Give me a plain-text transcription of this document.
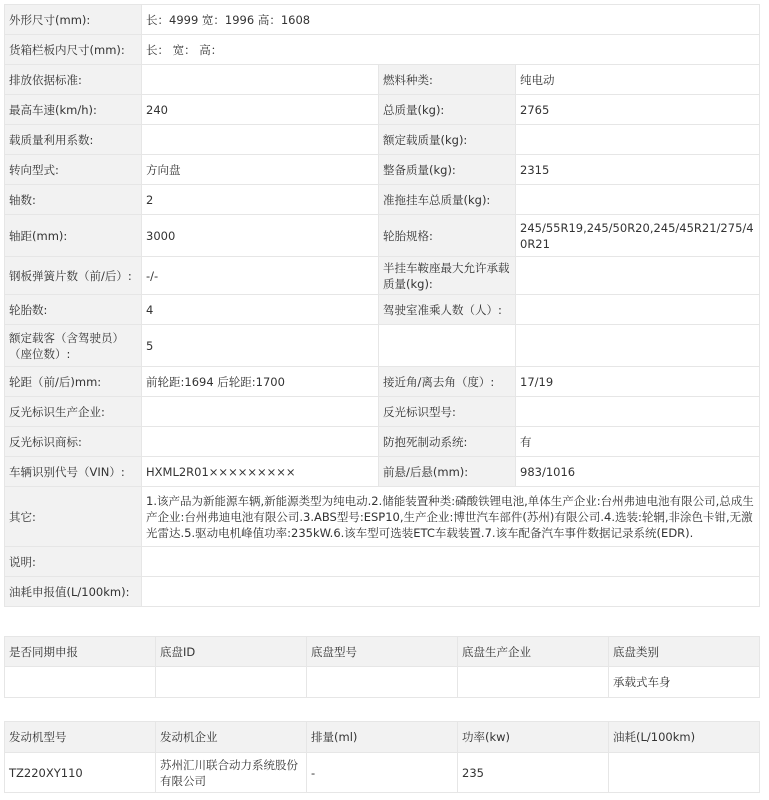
外形尺寸(mm):	长：4999 宽：1996 高：1608		
货箱栏板内尺寸(mm):	长： 宽： 高：		
排放依据标准:		燃料种类:	纯电动
最高车速(km/h):	240	总质量(kg):	2765
载质量利用系数:		额定载质量(kg):	
转向型式:	方向盘	整备质量(kg):	2315
轴数:	2	准拖挂车总质量(kg):	
轴距(mm):	3000	轮胎规格:	245/55R19,245/50R20,245/45R21/275/40R21
钢板弹簧片数（前/后）:	-/-	半挂车鞍座最大允许承载质量(kg):	
轮胎数:	4	驾驶室准乘人数（人）:	
额定载客（含驾驶员）（座位数）:	5		
轮距（前/后)mm:	前轮距:1694 后轮距:1700	接近角/离去角（度）:	17/19
反光标识生产企业:		反光标识型号:	
反光标识商标:		防抱死制动系统:	有
车辆识别代号（VIN）:	HXML2R01×××××××××	前悬/后悬(mm):	983/1016
其它:	1.该产品为新能源车辆,新能源类型为纯电动.2.储能装置种类:磷酸铁锂电池,单体生产企业:台州弗迪电池有限公司,总成生产企业:台州弗迪电池有限公司.3.ABS型号:ESP10,生产企业:博世汽车部件(苏州)有限公司.4.选装:轮辋,非涂色卡钳,无激光雷达.5.驱动电机峰值功率:235kW.6.该车型可选装ETC车载装置.7.该车配备汽车事件数据记录系统(EDR).		
说明:			
油耗申报值(L/100km):			
是否同期申报	底盘ID	底盘型号	底盘生产企业	底盘类别
				承载式车身
发动机型号	发动机企业	排量(ml)	功率(kw)	油耗(L/100km)
TZ220XY110	苏州汇川联合动力系统股份有限公司	-	235	
